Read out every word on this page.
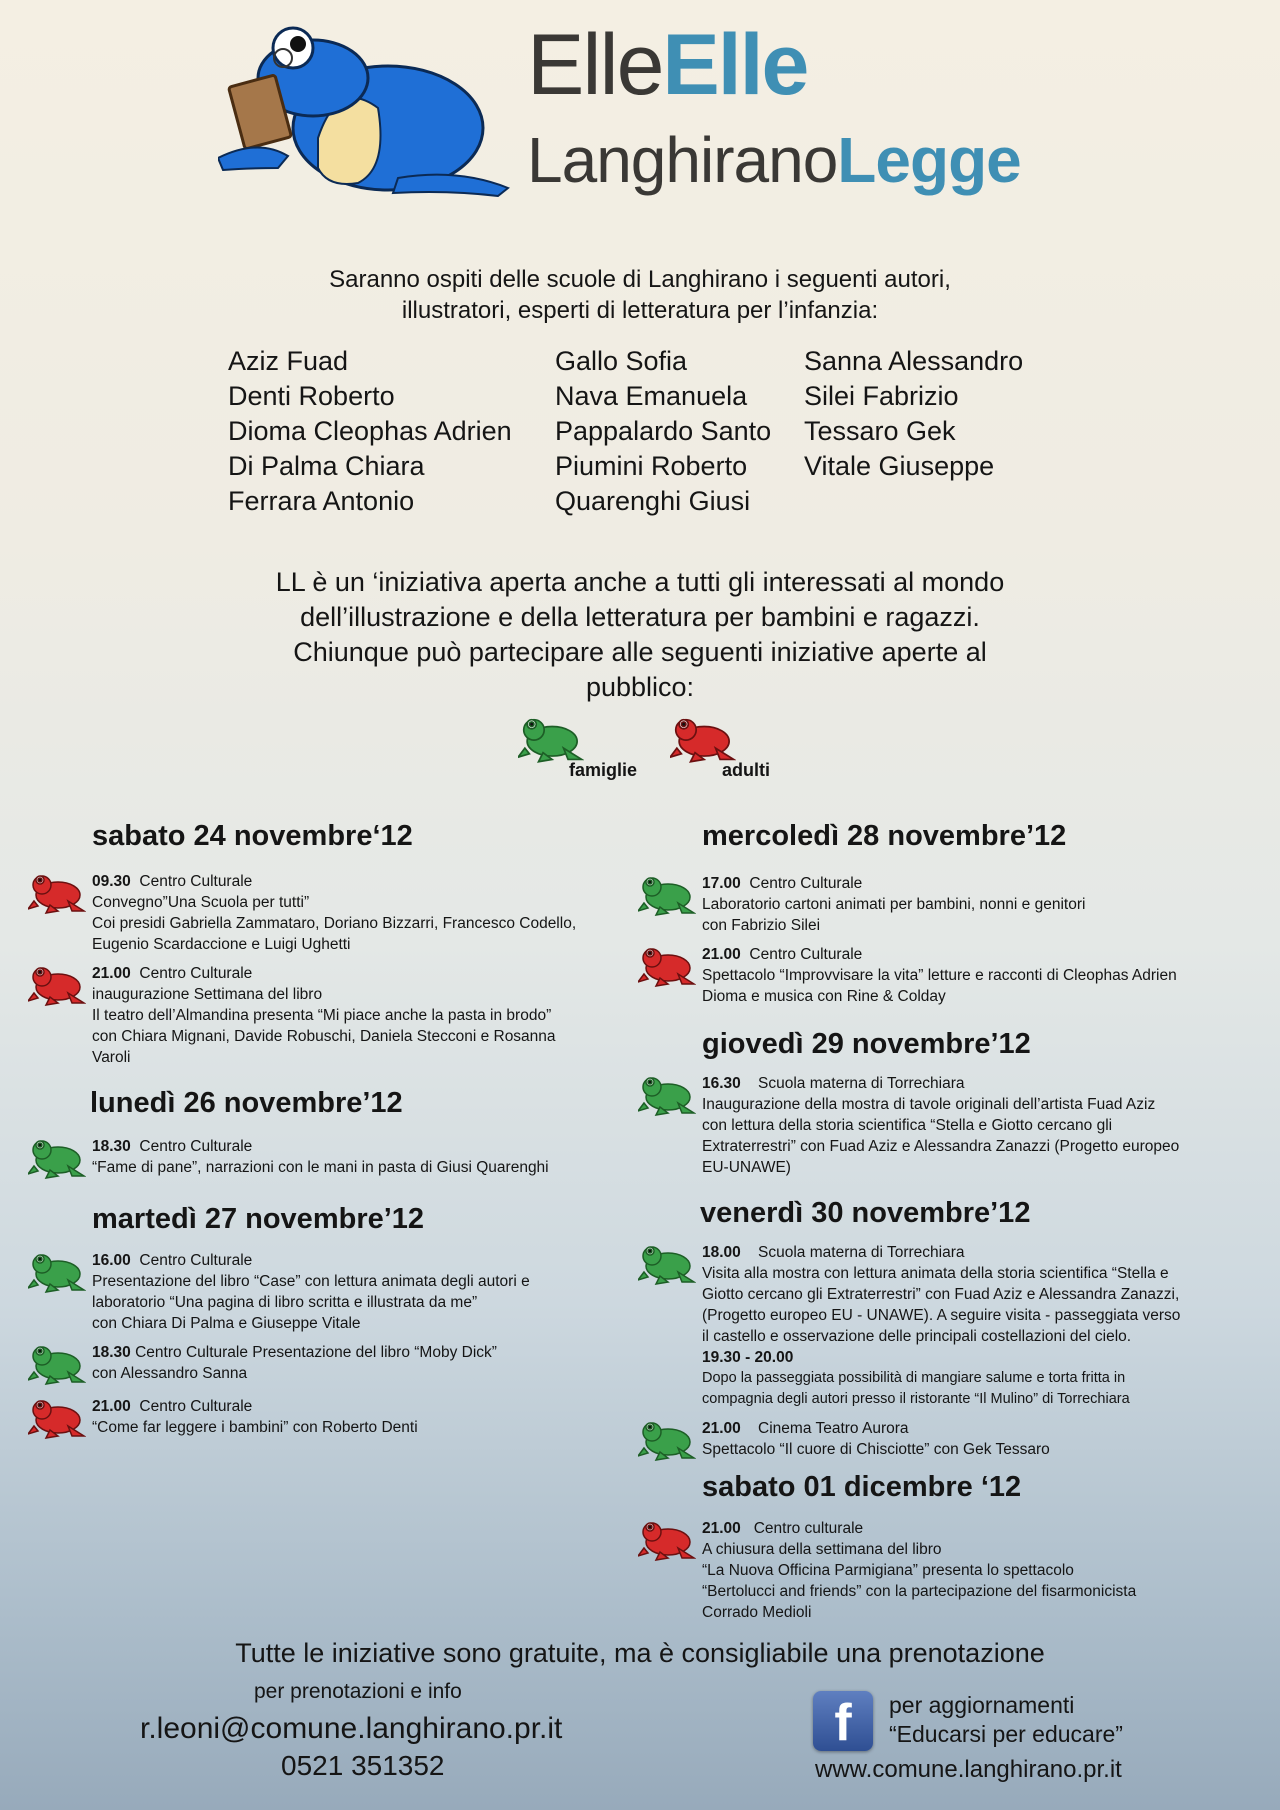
ElleElle
LanghiranoLegge
Saranno ospiti delle scuole di Langhirano i seguenti autori,
illustratori, esperti di letteratura per l’infanzia:
Aziz Fuad
Denti Roberto
Dioma Cleophas Adrien
Di Palma Chiara
Ferrara Antonio
Gallo Sofia
Nava Emanuela
Pappalardo Santo
Piumini Roberto
Quarenghi Giusi
Sanna Alessandro
Silei Fabrizio
Tessaro Gek
Vitale Giuseppe
LL è un ‘iniziativa aperta anche a tutti gli interessati al mondo
dell’illustrazione e della letteratura per bambini e ragazzi.
Chiunque può partecipare alle seguenti iniziative aperte al
pubblico:
famiglie	adulti
sabato 24 novembre‘12
09.30 Centro Culturale
Convegno”Una Scuola per tutti”
Coi presidi Gabriella Zammataro, Doriano Bizzarri, Francesco Codello,
Eugenio Scardaccione e Luigi Ughetti
21.00 Centro Culturale
inaugurazione Settimana del libro
Il teatro dell’Almandina presenta “Mi piace anche la pasta in brodo”
con Chiara Mignani, Davide Robuschi, Daniela Stecconi e Rosanna
Varoli
lunedì 26 novembre’12
18.30 Centro Culturale
“Fame di pane”, narrazioni con le mani in pasta di Giusi Quarenghi
martedì 27 novembre’12
16.00 Centro Culturale
Presentazione del libro “Case” con lettura animata degli autori e
laboratorio “Una pagina di libro scritta e illustrata da me”
con Chiara Di Palma e Giuseppe Vitale
18.30 Centro Culturale Presentazione del libro “Moby Dick”
con Alessandro Sanna
21.00 Centro Culturale
“Come far leggere i bambini” con Roberto Denti
mercoledì 28 novembre’12
17.00 Centro Culturale
Laboratorio cartoni animati per bambini, nonni e genitori
con Fabrizio Silei
21.00 Centro Culturale
Spettacolo “Improvvisare la vita” letture e racconti di Cleophas Adrien
Dioma e musica con Rine & Colday
giovedì 29 novembre’12
16.30 Scuola materna di Torrechiara
Inaugurazione della mostra di tavole originali dell’artista Fuad Aziz
con lettura della storia scientifica “Stella e Giotto cercano gli
Extraterrestri” con Fuad Aziz e Alessandra Zanazzi (Progetto europeo
EU-UNAWE)
venerdì 30 novembre’12
18.00 Scuola materna di Torrechiara
Visita alla mostra con lettura animata della storia scientifica “Stella e
Giotto cercano gli Extraterrestri” con Fuad Aziz e Alessandra Zanazzi,
(Progetto europeo EU - UNAWE). A seguire visita - passeggiata verso
il castello e osservazione delle principali costellazioni del cielo.
19.30 - 20.00
Dopo la passeggiata possibilità di mangiare salume e torta fritta in
compagnia degli autori presso il ristorante “Il Mulino” di Torrechiara
21.00 Cinema Teatro Aurora
Spettacolo “Il cuore di Chisciotte” con Gek Tessaro
sabato 01 dicembre ‘12
21.00 Centro culturale
A chiusura della settimana del libro
“La Nuova Officina Parmigiana” presenta lo spettacolo
“Bertolucci and friends” con la partecipazione del fisarmonicista
Corrado Medioli
Tutte le iniziative sono gratuite, ma è consigliabile una prenotazione
per prenotazioni e info
r.leoni@comune.langhirano.pr.it
0521 351352
f	per aggiornamenti
“Educarsi per educare”
www.comune.langhirano.pr.it
